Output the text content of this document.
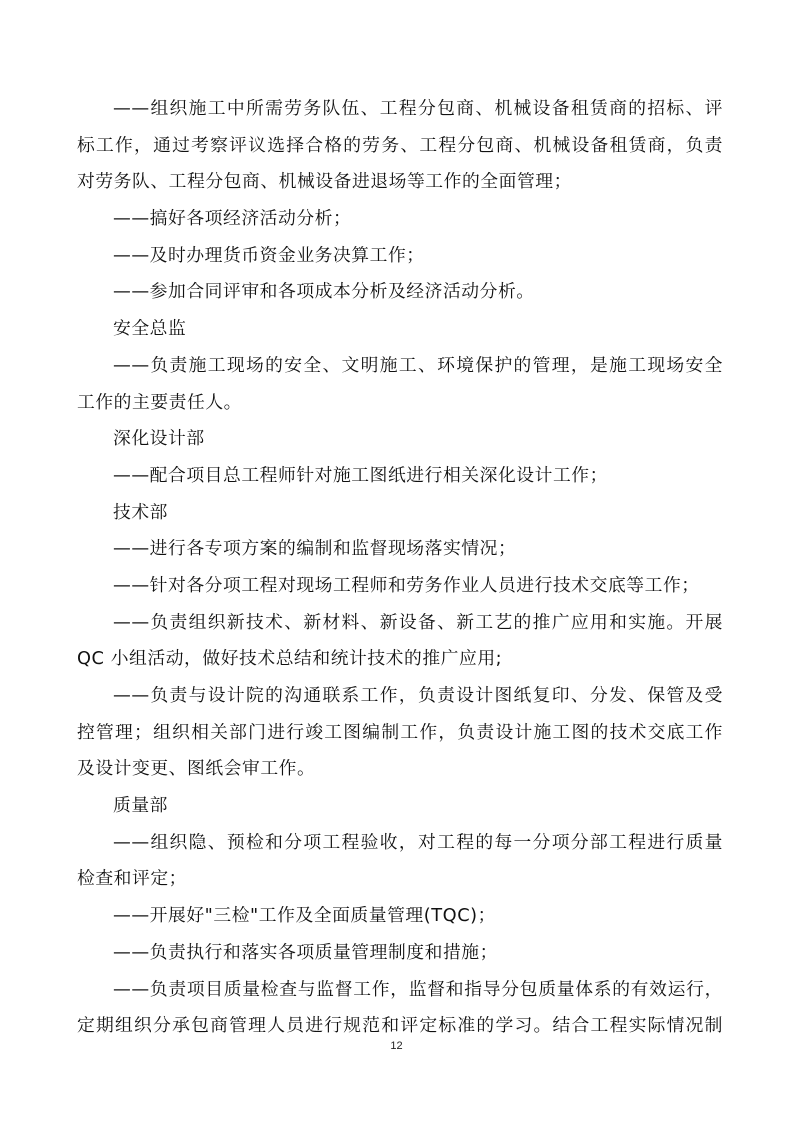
——组织施工中所需劳务队伍、工程分包商、机械设备租赁商的招标、评
标工作，通过考察评议选择合格的劳务、工程分包商、机械设备租赁商，负责
对劳务队、工程分包商、机械设备进退场等工作的全面管理；
——搞好各项经济活动分析；
——及时办理货币资金业务决算工作；
——参加合同评审和各项成本分析及经济活动分析。
安全总监
——负责施工现场的安全、文明施工、环境保护的管理，是施工现场安全
工作的主要责任人。
深化设计部
——配合项目总工程师针对施工图纸进行相关深化设计工作；
技术部
——进行各专项方案的编制和监督现场落实情况；
——针对各分项工程对现场工程师和劳务作业人员进行技术交底等工作；
——负责组织新技术、新材料、新设备、新工艺的推广应用和实施。开展
QC 小组活动，做好技术总结和统计技术的推广应用;
——负责与设计院的沟通联系工作，负责设计图纸复印、分发、保管及受
控管理；组织相关部门进行竣工图编制工作，负责设计施工图的技术交底工作
及设计变更、图纸会审工作。
质量部
——组织隐、预检和分项工程验收，对工程的每一分项分部工程进行质量
检查和评定；
——开展好"三检"工作及全面质量管理(TQC)；
——负责执行和落实各项质量管理制度和措施；
——负责项目质量检查与监督工作，监督和指导分包质量体系的有效运行，
定期组织分承包商管理人员进行规范和评定标准的学习。结合工程实际情况制
12
